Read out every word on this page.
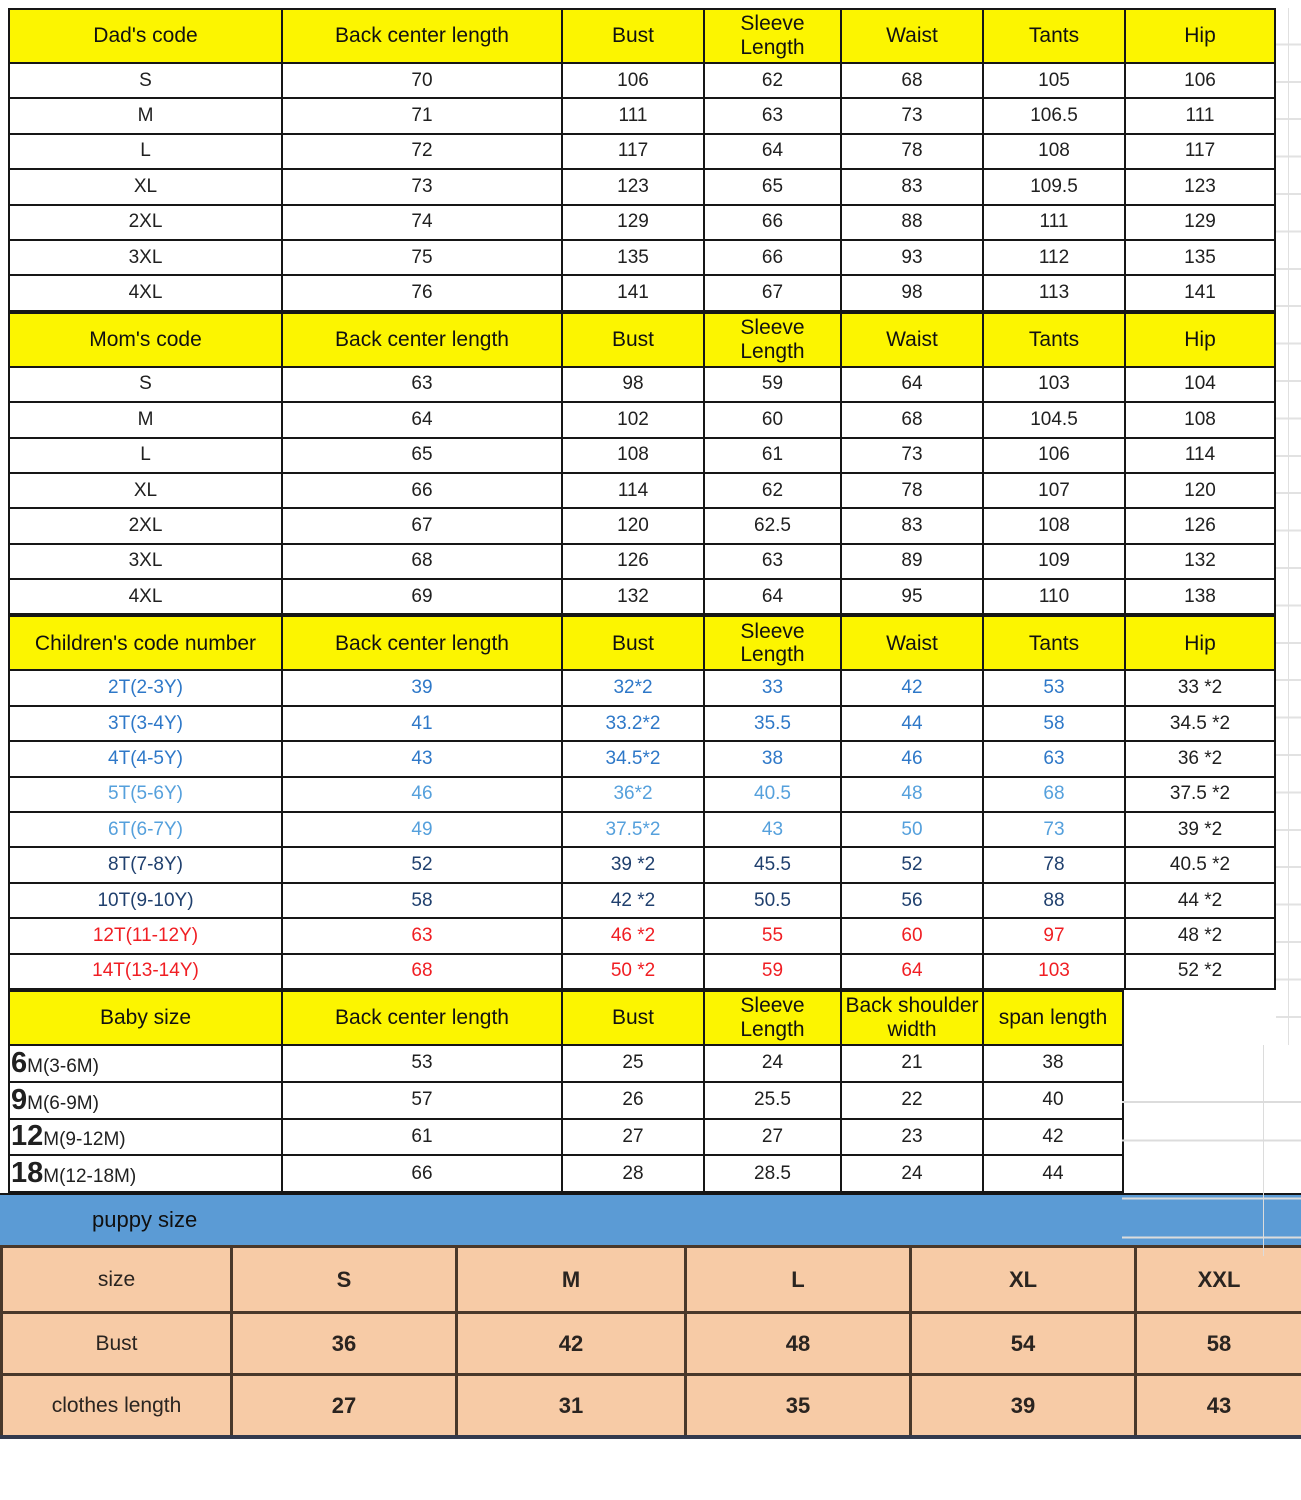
Dad's code	Back center length	Bust	Sleeve Length	Waist	Tants	Hip
S	70	106	62	68	105	106
M	71	111	63	73	106.5	111
L	72	117	64	78	108	117
XL	73	123	65	83	109.5	123
2XL	74	129	66	88	111	129
3XL	75	135	66	93	112	135
4XL	76	141	67	98	113	141
Mom's code	Back center length	Bust	Sleeve Length	Waist	Tants	Hip
S	63	98	59	64	103	104
M	64	102	60	68	104.5	108
L	65	108	61	73	106	114
XL	66	114	62	78	107	120
2XL	67	120	62.5	83	108	126
3XL	68	126	63	89	109	132
4XL	69	132	64	95	110	138
Children's code number	Back center length	Bust	Sleeve Length	Waist	Tants	Hip
2T(2-3Y)	39	32*2	33	42	53	33 *2
3T(3-4Y)	41	33.2*2	35.5	44	58	34.5 *2
4T(4-5Y)	43	34.5*2	38	46	63	36 *2
5T(5-6Y)	46	36*2	40.5	48	68	37.5 *2
6T(6-7Y)	49	37.5*2	43	50	73	39 *2
8T(7-8Y)	52	39 *2	45.5	52	78	40.5 *2
10T(9-10Y)	58	42 *2	50.5	56	88	44 *2
12T(11-12Y)	63	46 *2	55	60	97	48 *2
14T(13-14Y)	68	50 *2	59	64	103	52 *2
Baby size	Back center length	Bust	Sleeve Length	Back shoulder width	span length
6M(3-6M)	53	25	24	21	38
9M(6-9M)	57	26	25.5	22	40
12M(9-12M)	61	27	27	23	42
18M(12-18M)	66	28	28.5	24	44
puppy size
size	S	M	L	XL	XXL
Bust	36	42	48	54	58
clothes length	27	31	35	39	43
